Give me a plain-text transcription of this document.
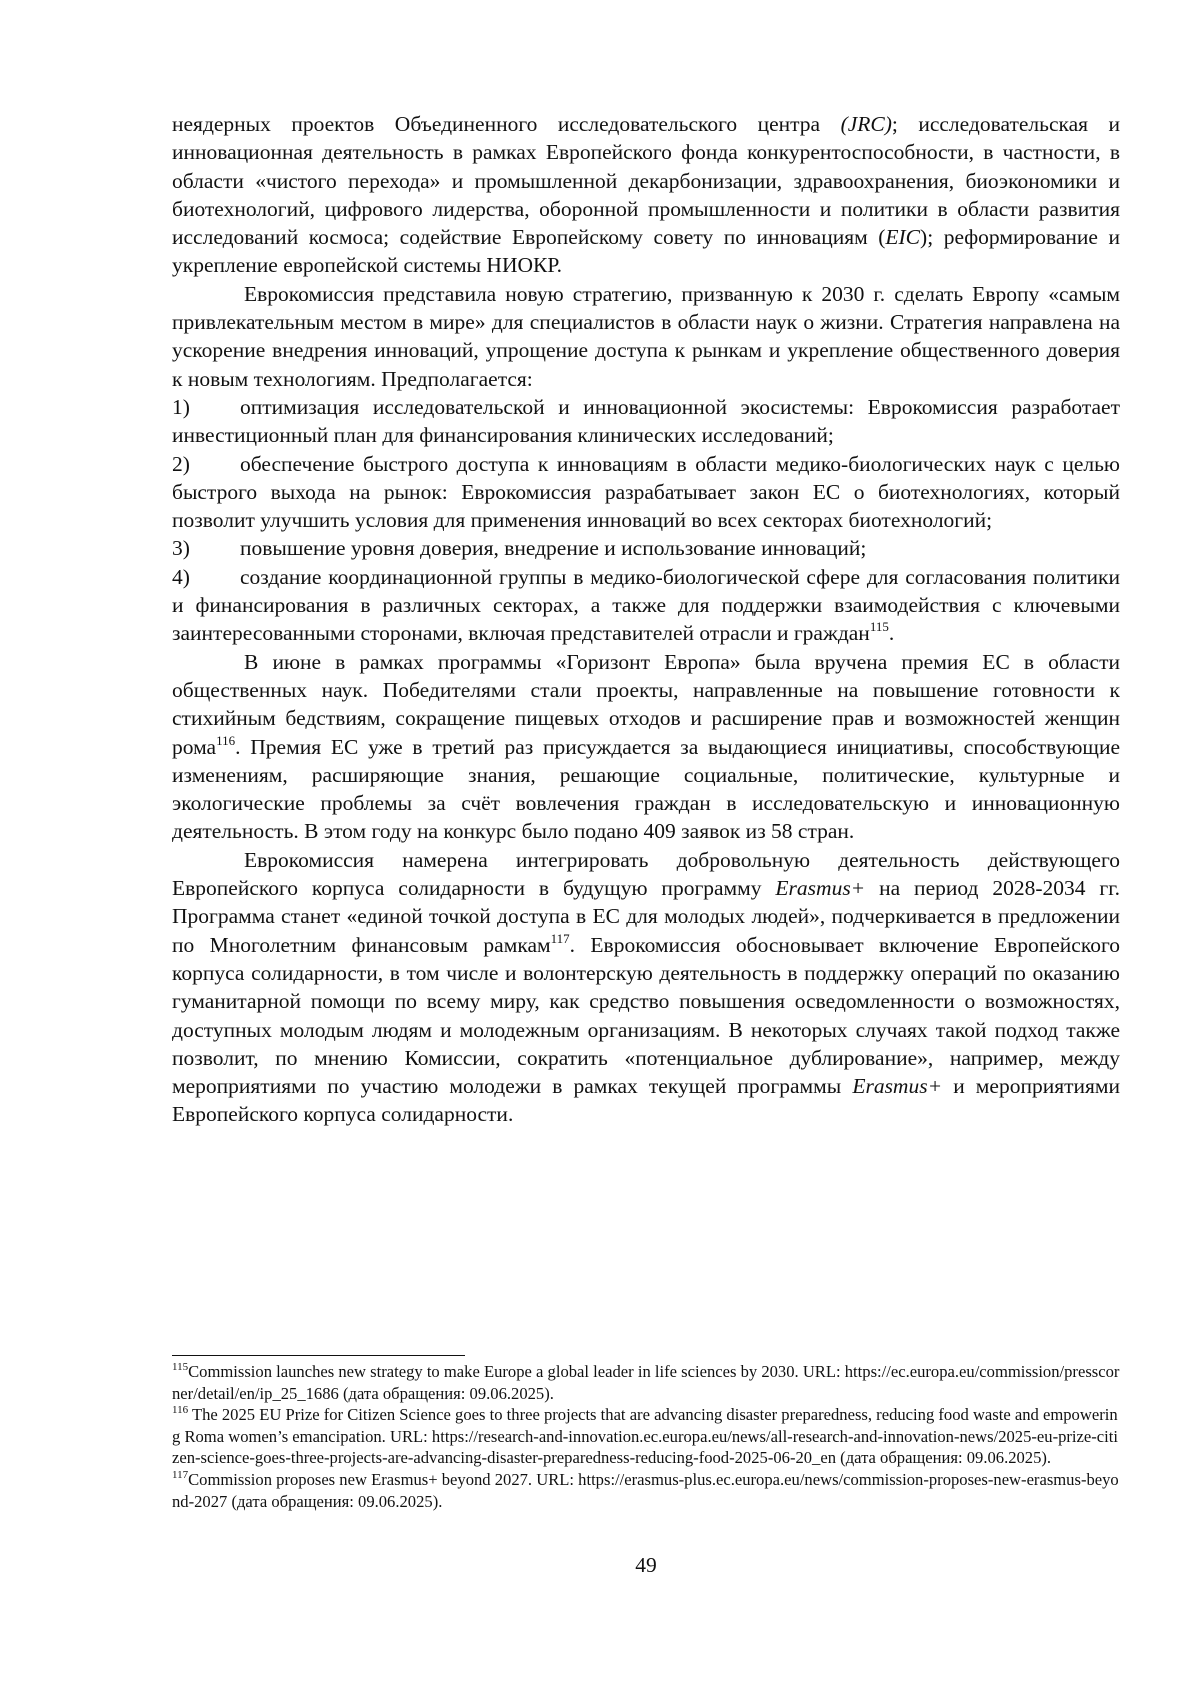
неядерных проектов Объединенного исследовательского центра (JRC); исследовательская и инновационная деятельность в рамках Европейского фонда конкурентоспособности, в частности, в области «чистого перехода» и промышленной декарбонизации, здравоохранения, биоэкономики и биотехнологий, цифрового лидерства, оборонной промышленности и политики в области развития исследований космоса; содействие Европейскому совету по инновациям (EIC); реформирование и укрепление европейской системы НИОКР.

Еврокомиссия представила новую стратегию, призванную к 2030 г. сделать Европу «самым привлекательным местом в мире» для специалистов в области наук о жизни. Стратегия направлена на ускорение внедрения инноваций, упрощение доступа к рынкам и укрепление общественного доверия к новым технологиям. Предполагается:

1) оптимизация исследовательской и инновационной экосистемы: Еврокомиссия разработает инвестиционный план для финансирования клинических исследований;

2) обеспечение быстрого доступа к инновациям в области медико-биологических наук с целью быстрого выхода на рынок: Еврокомиссия разрабатывает закон ЕС о биотехнологиях, который позволит улучшить условия для применения инноваций во всех секторах биотехнологий;

3) повышение уровня доверия, внедрение и использование инноваций;

4) создание координационной группы в медико-биологической сфере для согласования политики и финансирования в различных секторах, а также для поддержки взаимодействия с ключевыми заинтересованными сторонами, включая представителей отрасли и граждан$^{115}$.

В июне в рамках программы «Горизонт Европа» была вручена премия ЕС в области общественных наук. Победителями стали проекты, направленные на повышение готовности к стихийным бедствиям, сокращение пищевых отходов и расширение прав и возможностей женщин рома$^{116}$. Премия ЕС уже в третий раз присуждается за выдающиеся инициативы, способствующие изменениям, расширяющие знания, решающие социальные, политические, культурные и экологические проблемы за счёт вовлечения граждан в исследовательскую и инновационную деятельность. В этом году на конкурс было подано 409 заявок из 58 стран.

Еврокомиссия намерена интегрировать добровольную деятельность действующего Европейского корпуса солидарности в будущую программу Erasmus+ на период 2028-2034 гг. Программа станет «единой точкой доступа в ЕС для молодых людей», подчеркивается в предложении по Многолетним финансовым рамкам$^{117}$. Еврокомиссия обосновывает включение Европейского корпуса солидарности, в том числе и волонтерскую деятельность в поддержку операций по оказанию гуманитарной помощи по всему миру, как средство повышения осведомленности о возможностях, доступных молодым людям и молодежным организациям. В некоторых случаях такой подход также позволит, по мнению Комиссии, сократить «потенциальное дублирование», например, между мероприятиями по участию молодежи в рамках текущей программы Erasmus+ и мероприятиями Европейского корпуса солидарности.

$^{115}$Commission launches new strategy to make Europe a global leader in life sciences by 2030. URL: https://ec.europa.eu/commission/presscorner/detail/en/ip_25_1686 (дата обращения: 09.06.2025).

$^{116}$ The 2025 EU Prize for Citizen Science goes to three projects that are advancing disaster preparedness, reducing food waste and empowering Roma women’s emancipation. URL: https://research-and-innovation.ec.europa.eu/news/all-research-and-innovation-news/2025-eu-prize-citizen-science-goes-three-projects-are-advancing-disaster-preparedness-reducing-food-2025-06-20_en (дата обращения: 09.06.2025).

$^{117}$Commission proposes new Erasmus+ beyond 2027. URL: https://erasmus-plus.ec.europa.eu/news/commission-proposes-new-erasmus-beyond-2027 (дата обращения: 09.06.2025).

49
